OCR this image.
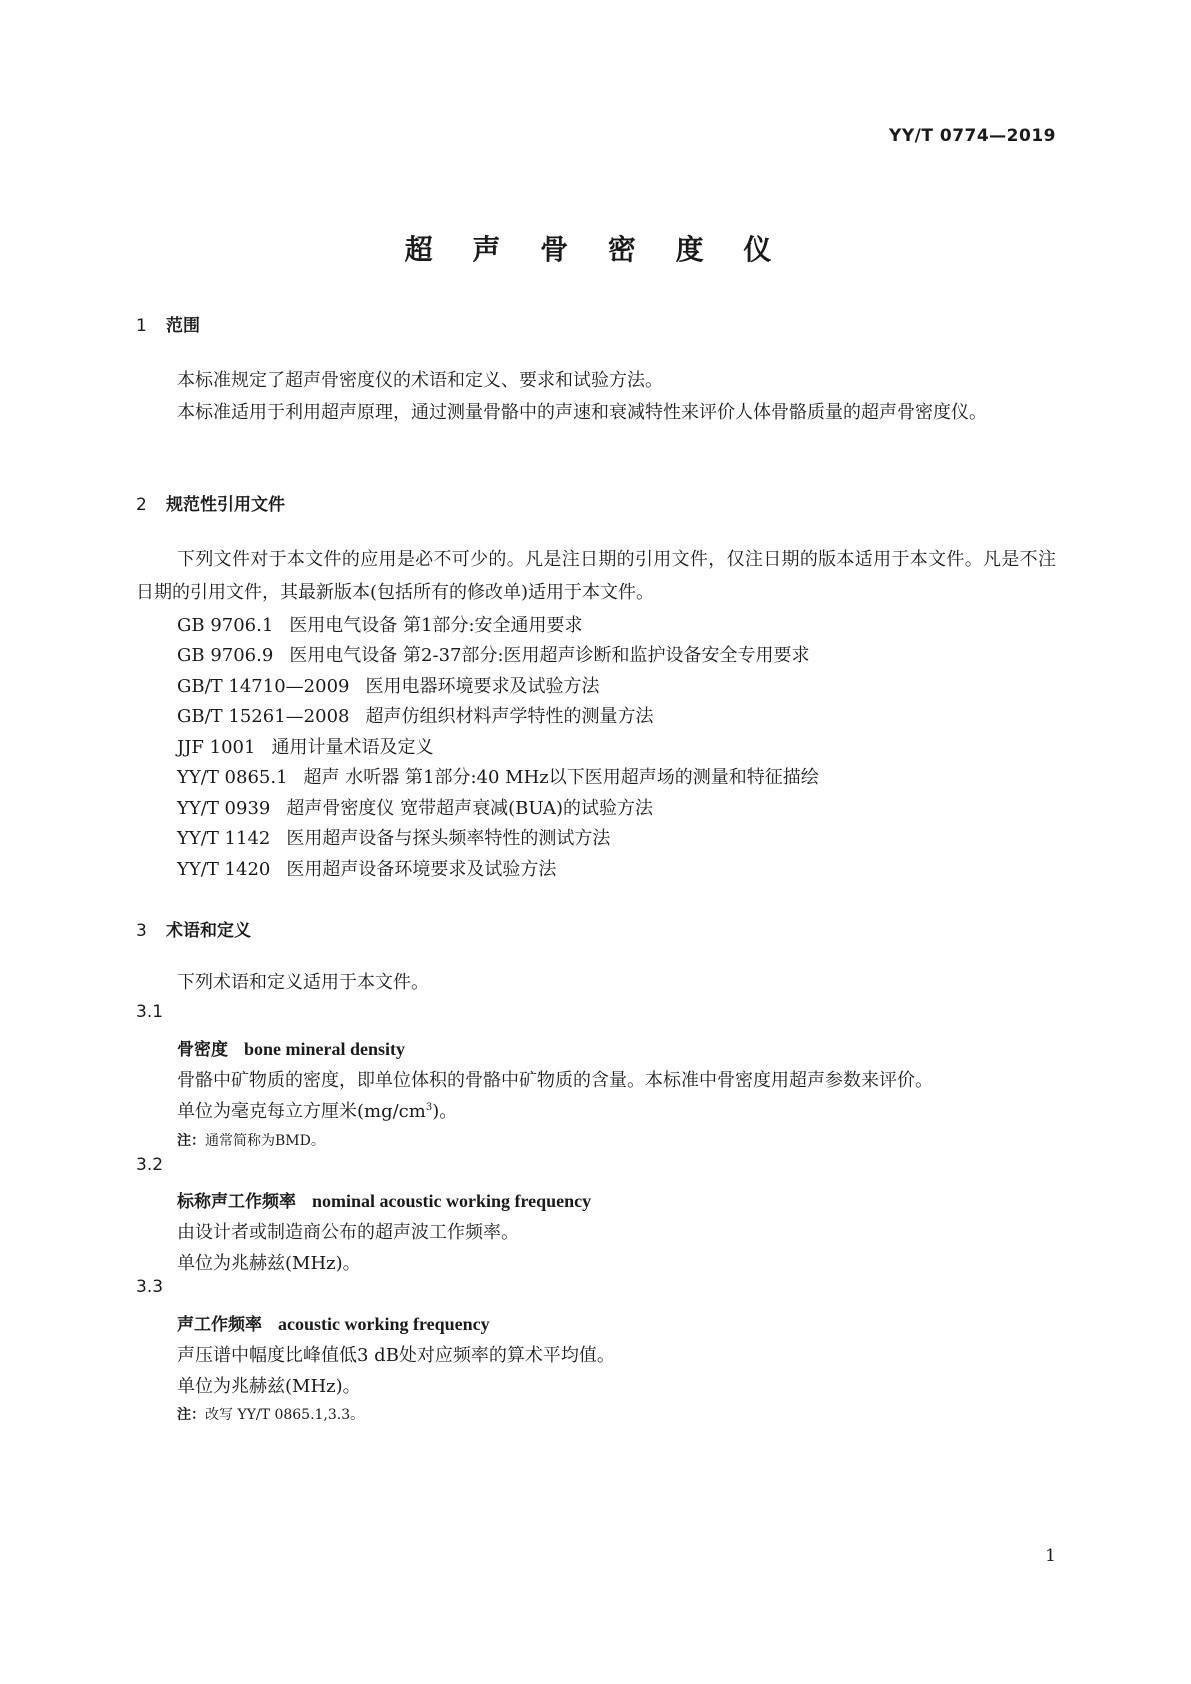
YY/T 0774—2019
超 声 骨 密 度 仪
1 范围
本标准规定了超声骨密度仪的术语和定义、要求和试验方法。
本标准适用于利用超声原理，通过测量骨骼中的声速和衰减特性来评价人体骨骼质量的超声骨密度仪。
2 规范性引用文件
下列文件对于本文件的应用是必不可少的。凡是注日期的引用文件，仅注日期的版本适用于本文件。凡是不注日期的引用文件，其最新版本(包括所有的修改单)适用于本文件。
GB 9706.1 医用电气设备 第1部分:安全通用要求
GB 9706.9 医用电气设备 第2-37部分:医用超声诊断和监护设备安全专用要求
GB/T 14710—2009 医用电器环境要求及试验方法
GB/T 15261—2008 超声仿组织材料声学特性的测量方法
JJF 1001 通用计量术语及定义
YY/T 0865.1 超声 水听器 第1部分:40 MHz以下医用超声场的测量和特征描绘
YY/T 0939 超声骨密度仪 宽带超声衰减(BUA)的试验方法
YY/T 1142 医用超声设备与探头频率特性的测试方法
YY/T 1420 医用超声设备环境要求及试验方法
3 术语和定义
下列术语和定义适用于本文件。
3.1
骨密度 bone mineral density
骨骼中矿物质的密度，即单位体积的骨骼中矿物质的含量。本标准中骨密度用超声参数来评价。
单位为毫克每立方厘米$(mg/cm^3)$。
注：通常简称为BMD。
3.2
标称声工作频率 nominal acoustic working frequency
由设计者或制造商公布的超声波工作频率。
单位为兆赫兹(MHz)。
3.3
声工作频率 acoustic working frequency
声压谱中幅度比峰值低3 dB处对应频率的算术平均值。
单位为兆赫兹(MHz)。
注：改写 YY/T 0865.1,3.3。
1
